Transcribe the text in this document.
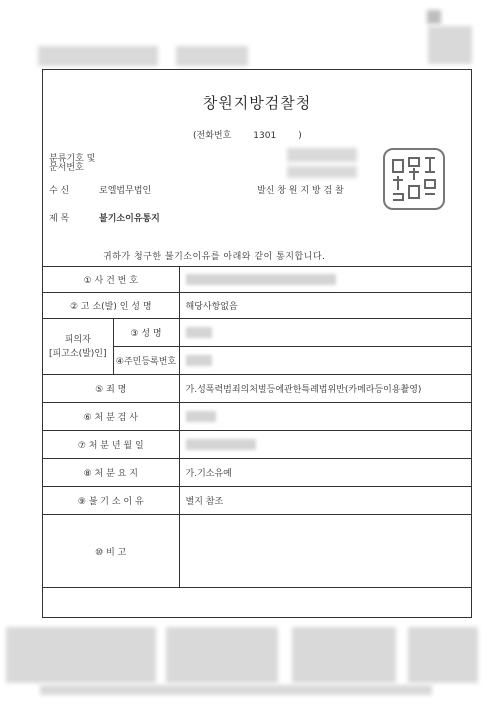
창원지방검찰청
(전화번호 1301 )
분류기호 및
문서번호
수 신	로엘법무법인	발신 창 원 지 방 검 찰
제 목	불기소이유통지
귀하가 청구한 불기소이유를 아래와 같이 통지합니다.
① 사 건 번 호		
② 고 소(발) 인 성 명		해당사항없음

피의자
[피고소(발)인]	③ 성 명	
	④주민등록번호	
⑤ 죄 명		가.성폭력범죄의처벌등에관한특례법위반(카메라등이용촬영)
⑥ 처 분 검 사		
⑦ 처 분 년 월 일		
⑧ 처 분 요 지		가.기소유예
⑨ 불 기 소 이 유		별지 참조
⑩ 비 고		
